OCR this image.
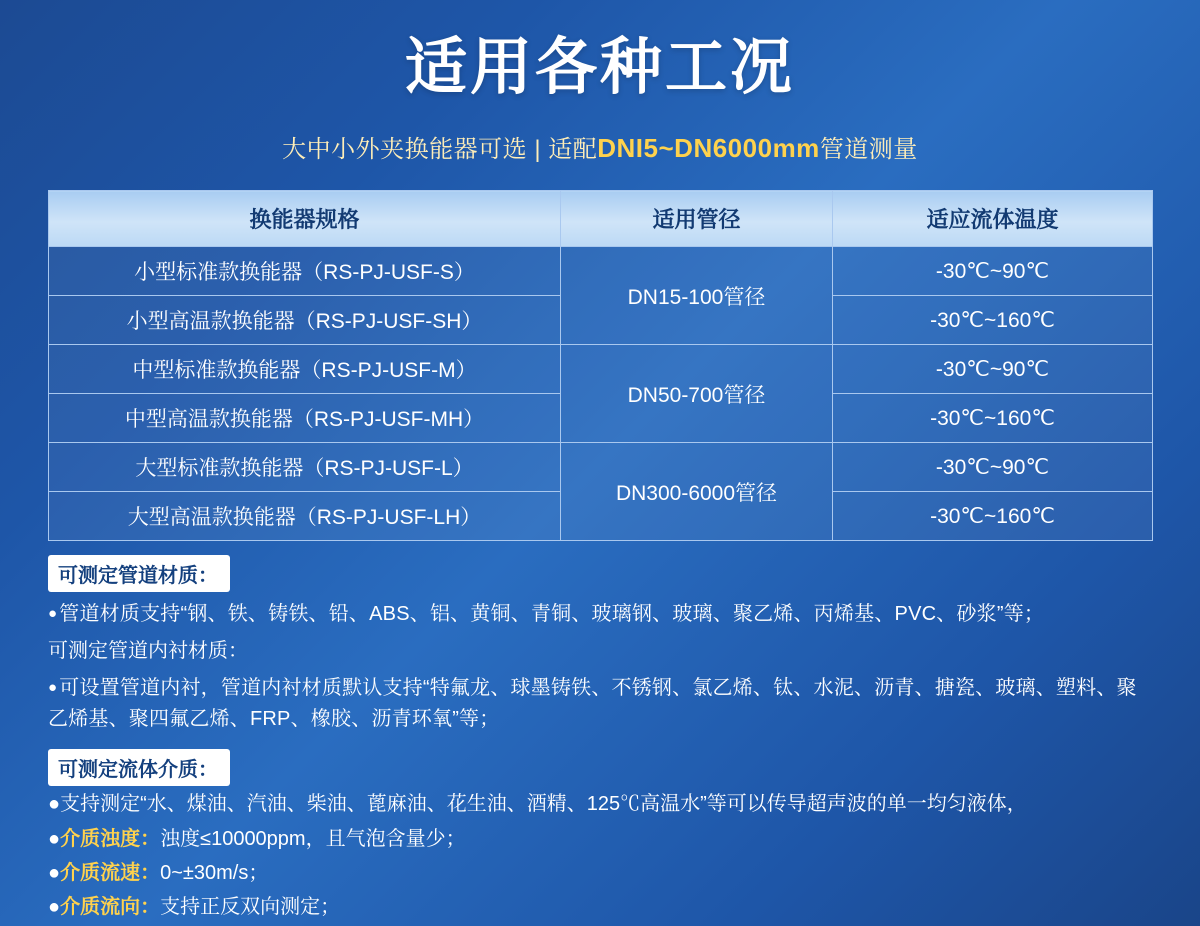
适用各种工况
大中小外夹换能器可选 | 适配DNI5~DN6000mm管道测量
换能器规格	适用管径	适应流体温度
小型标准款换能器（RS-PJ-USF-S）	DN15-100管径	-30℃~90℃
小型高温款换能器（RS-PJ-USF-SH）		-30℃~160℃
中型标准款换能器（RS-PJ-USF-M）	DN50-700管径	-30℃~90℃
中型高温款换能器（RS-PJ-USF-MH）		-30℃~160℃
大型标准款换能器（RS-PJ-USF-L）	DN300-6000管径	-30℃~90℃
大型高温款换能器（RS-PJ-USF-LH）		-30℃~160℃
可测定管道材质：
● 管道材质支持“钢、铁、铸铁、铅、ABS、铝、黄铜、青铜、玻璃钢、玻璃、聚乙烯、丙烯基、PVC、砂浆”等；
可测定管道内衬材质：
● 可设置管道内衬，管道内衬材质默认支持“特氟龙、球墨铸铁、不锈钢、氯乙烯、钛、水泥、沥青、搪瓷、玻璃、塑料、聚乙烯基、聚四氟乙烯、FRP、橡胶、沥青环氧”等；
可测定流体介质：
●支持测定“水、煤油、汽油、柴油、蓖麻油、花生油、酒精、125℃高温水”等可以传导超声波的单一均匀液体，
●介质浊度：浊度≤10000ppm，且气泡含量少；
●介质流速：0~±30m/s；
●介质流向：支持正反双向测定；
